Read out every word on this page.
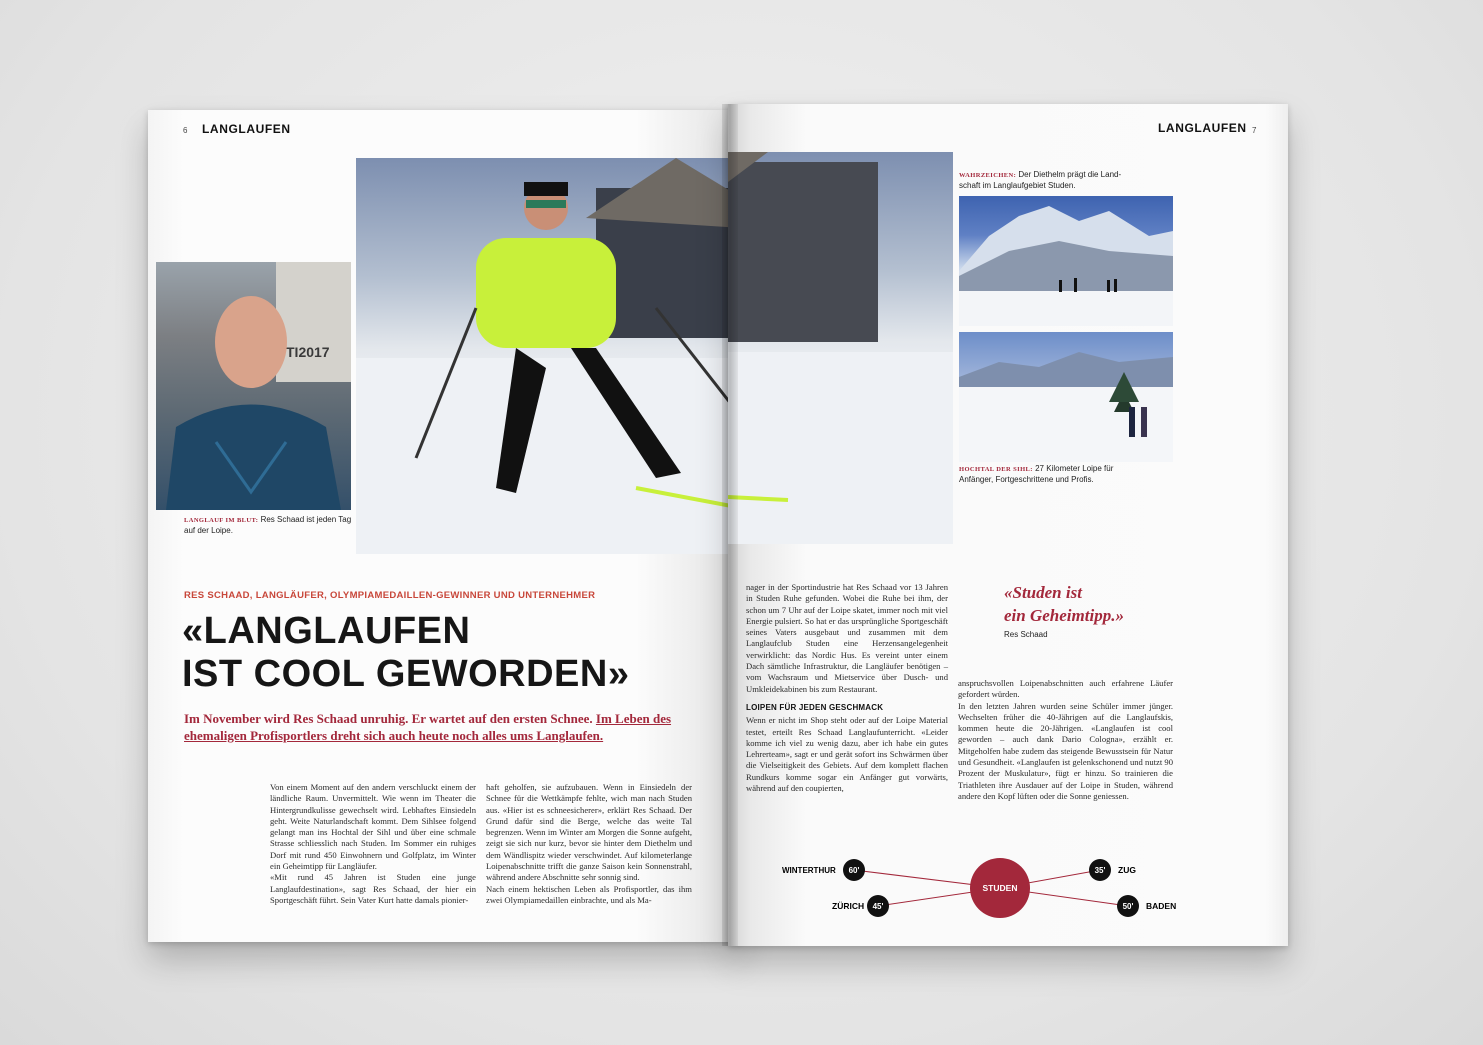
6 LANGLAUFEN
TI2017
LANGLAUF IM BLUT: Res Schaad ist jeden Tag
auf der Loipe.
RES SCHAAD, LANGLÄUFER, OLYMPIAMEDAILLEN-GEWINNER UND UNTERNEHMER
«LANGLAUFEN
IST COOL GEWORDEN»
Im November wird Res Schaad unruhig. Er wartet auf den ersten Schnee. Im Leben des ehemaligen Profisportlers dreht sich auch heute noch alles ums Langlaufen.
Von einem Moment auf den andern verschluckt einem der ländliche Raum. Unvermittelt. Wie wenn im Theater die Hintergrundkulisse gewechselt wird. Lebhaftes Einsiedeln geht. Weite Naturlandschaft kommt. Dem Sihlsee folgend gelangt man ins Hochtal der Sihl und über eine schmale Strasse schliesslich nach Studen. Im Sommer ein ruhiges Dorf mit rund 450 Einwohnern und Golfplatz, im Winter ein Geheimtipp für Langläufer.
«Mit rund 45 Jahren ist Studen eine junge Langlaufdestination», sagt Res Schaad, der hier ein Sportgeschäft führt. Sein Vater Kurt hatte damals pionier-
haft geholfen, sie aufzubauen. Wenn in Einsiedeln der Schnee für die Wettkämpfe fehlte, wich man nach Studen aus. «Hier ist es schneesicherer», erklärt Res Schaad. Der Grund dafür sind die Berge, welche das weite Tal begrenzen. Wenn im Winter am Morgen die Sonne aufgeht, zeigt sie sich nur kurz, bevor sie hinter dem Diethelm und dem Wändlispitz wieder verschwindet. Auf kilometerlange Loipenabschnitte trifft die ganze Saison kein Sonnenstrahl, während andere Abschnitte sehr sonnig sind.
Nach einem hektischen Leben als Profisportler, das ihm zwei Olympiamedaillen einbrachte, und als Ma-
LANGLAUFEN 7
WAHRZEICHEN: Der Diethelm prägt die Land-
schaft im Langlaufgebiet Studen.
HOCHTAL DER SIHL: 27 Kilometer Loipe für
Anfänger, Fortgeschrittene und Profis.
nager in der Sportindustrie hat Res Schaad vor 13 Jahren in Studen Ruhe gefunden. Wobei die Ruhe bei ihm, der schon um 7 Uhr auf der Loipe skatet, immer noch mit viel Energie pulsiert. So hat er das ursprüngliche Sportgeschäft seines Vaters ausgebaut und zusammen mit dem Langlaufclub Studen eine Herzensangelegenheit verwirklicht: das Nordic Hus. Es vereint unter einem Dach sämtliche Infrastruktur, die Langläufer benötigen – vom Wachsraum und Mietservice über Dusch- und Umkleidekabinen bis zum Restaurant.
LOIPEN FÜR JEDEN GESCHMACK
Wenn er nicht im Shop steht oder auf der Loipe Material testet, erteilt Res Schaad Langlaufunterricht. «Leider komme ich viel zu wenig dazu, aber ich habe ein gutes Lehrerteam», sagt er und gerät sofort ins Schwärmen über die Vielseitigkeit des Gebiets. Auf dem komplett flachen Rundkurs komme sogar ein Anfänger gut vorwärts, während auf den coupierten,
«Studen ist
ein Geheimtipp.»
Res Schaad
anspruchsvollen Loipenabschnitten auch erfahrene Läufer gefordert würden.
In den letzten Jahren wurden seine Schüler immer jünger. Wechselten früher die 40-Jährigen auf die Langlaufskis, kommen heute die 20-Jährigen. «Langlaufen ist cool geworden – auch dank Dario Cologna», erzählt er. Mitgeholfen habe zudem das steigende Bewusstsein für Natur und Gesundheit. «Langlaufen ist gelenkschonend und nutzt 90 Prozent der Muskulatur», fügt er hinzu. So trainieren die Triathleten ihre Ausdauer auf der Loipe in Studen, während andere den Kopf lüften oder die Sonne geniessen.
WINTERTHUR 60'
ZÜRICH 45'
STUDEN
35' ZUG
50' BADEN
